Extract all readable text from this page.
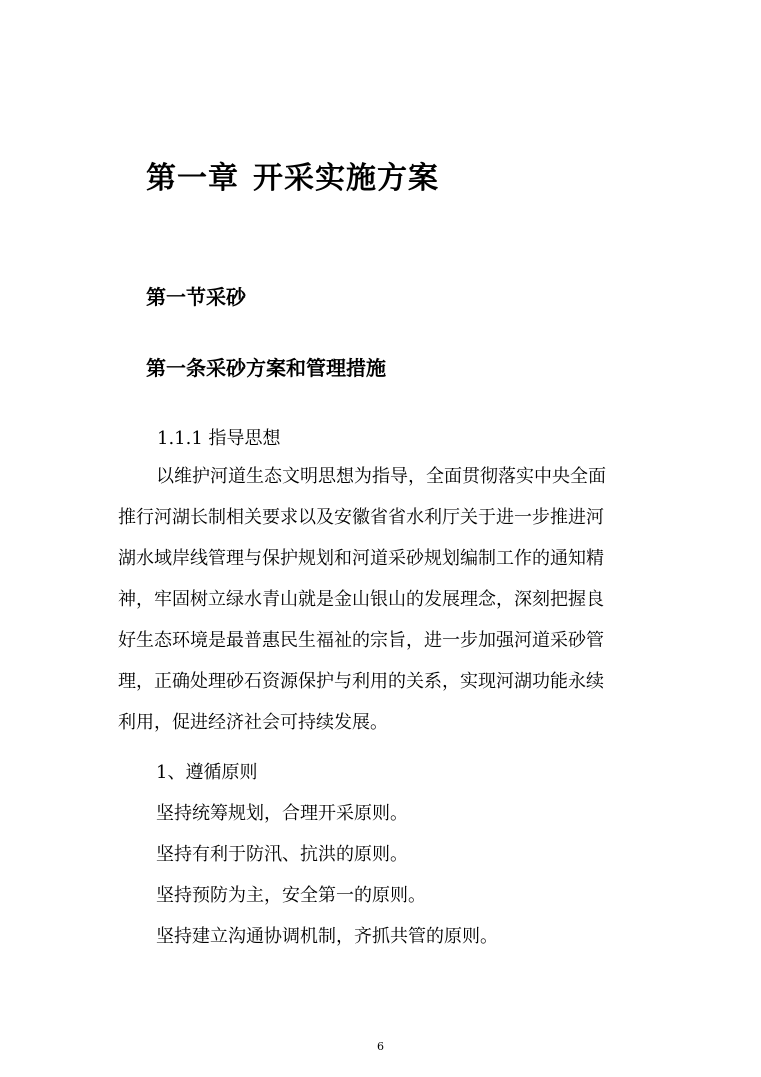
第一章 开采实施方案
第一节采砂
第一条采砂方案和管理措施
1.1.1 指导思想
以维护河道生态文明思想为指导，全面贯彻落实中央全面
推行河湖长制相关要求以及安徽省省水利厅关于进一步推进河
湖水域岸线管理与保护规划和河道采砂规划编制工作的通知精
神，牢固树立绿水青山就是金山银山的发展理念，深刻把握良
好生态环境是最普惠民生福祉的宗旨，进一步加强河道采砂管
理，正确处理砂石资源保护与利用的关系，实现河湖功能永续
利用，促进经济社会可持续发展。
1、遵循原则
坚持统筹规划，合理开采原则。
坚持有利于防汛、抗洪的原则。
坚持预防为主，安全第一的原则。
坚持建立沟通协调机制，齐抓共管的原则。
6
